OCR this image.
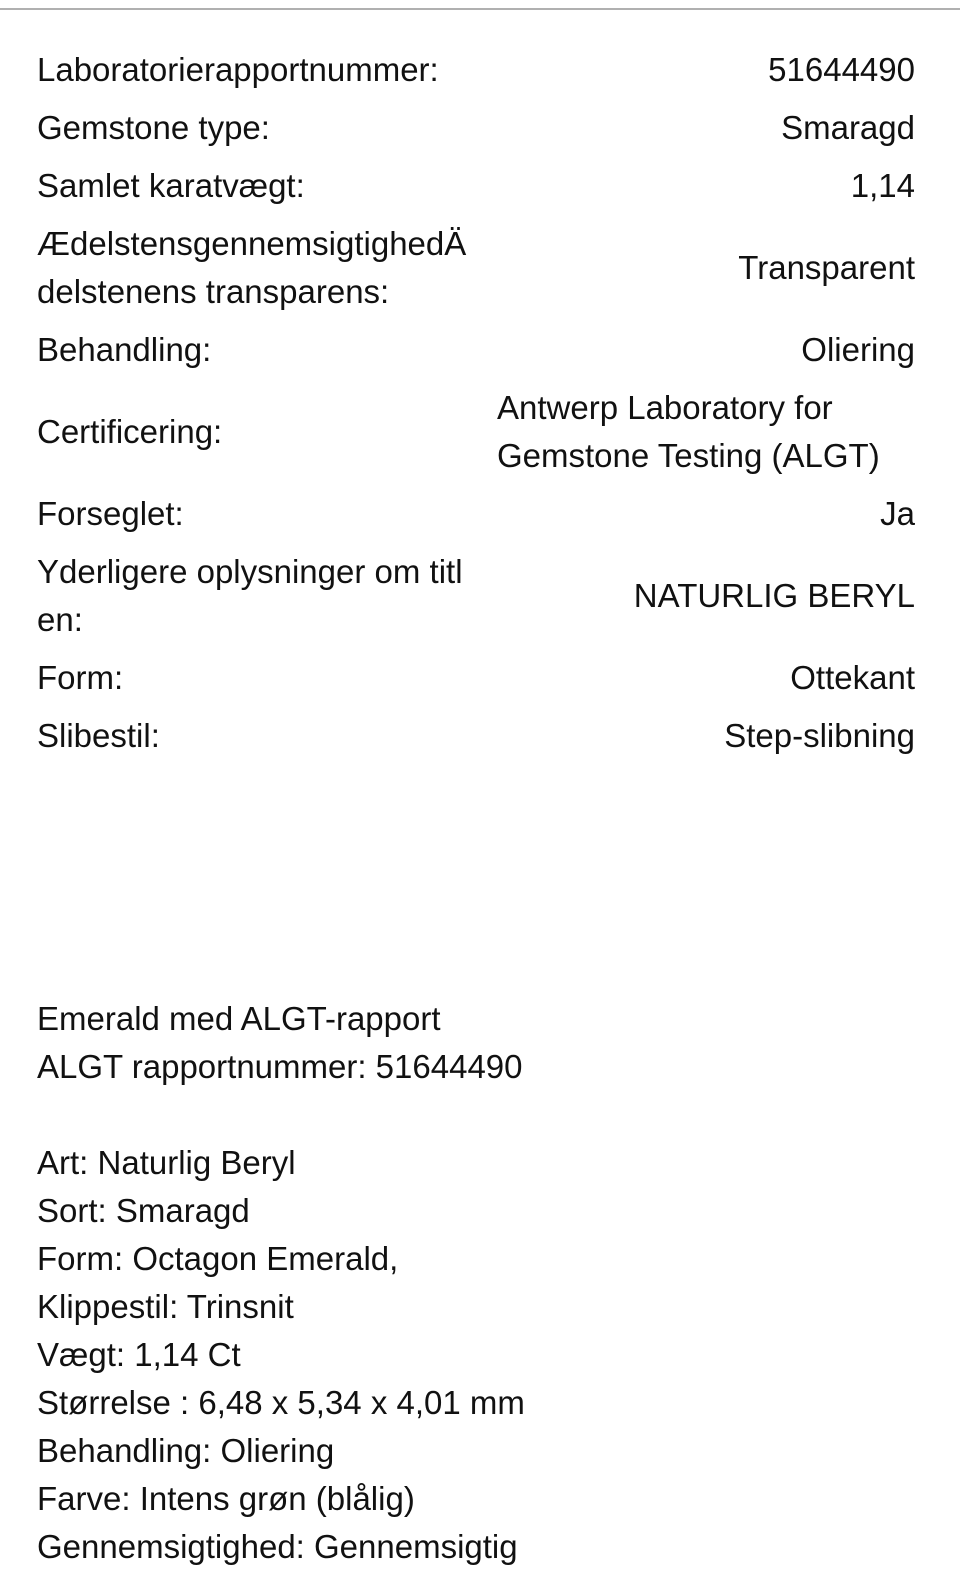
Laboratorierapportnummer:	51644490
Gemstone type:	Smaragd
Samlet karatvægt:	1,14
ÆdelstensgennemsigtighedÄdelstenens transparens:	Transparent
Behandling:	Oliering
Certificering:	Antwerp Laboratory for Gemstone Testing (ALGT)
Forseglet:	Ja
Yderligere oplysninger om titlen:	NATURLIG BERYL
Form:	Ottekant
Slibestil:	Step-slibning
Emerald med ALGT-rapport
ALGT rapportnummer: 51644490
Art: Naturlig Beryl
Sort: Smaragd
Form: Octagon Emerald,
Klippestil: Trinsnit
Vægt: 1,14 Ct
Størrelse : 6,48 x 5,34 x 4,01 mm
Behandling: Oliering
Farve: Intens grøn (blålig)
Gennemsigtighed: Gennemsigtig
